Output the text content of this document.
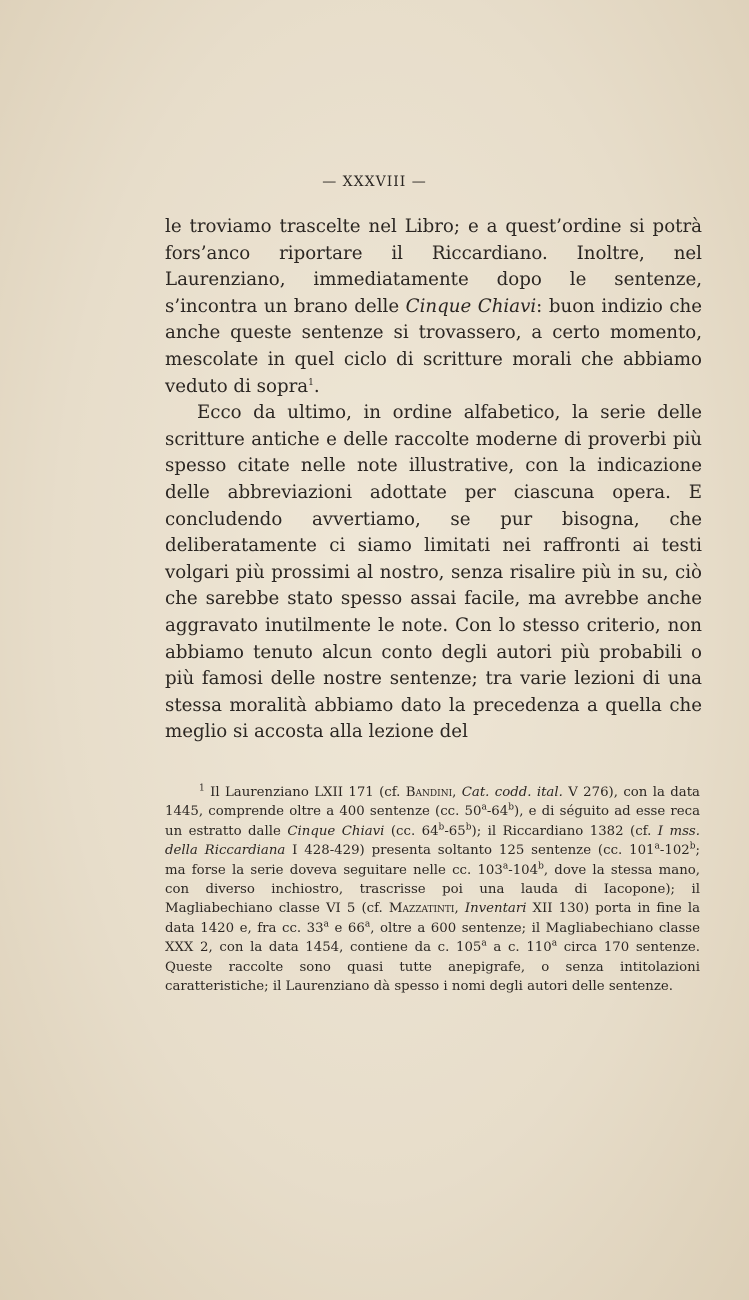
— XXXVIII —

le troviamo trascelte nel Libro; e a quest’ordine si potrà fors’anco riportare il Riccardiano. Inoltre, nel Laurenziano, immediatamente dopo le sentenze, s’incontra un brano delle Cinque Chiavi: buon indizio che anche queste sentenze si trovassero, a certo momento, mescolate in quel ciclo di scritture morali che abbiamo veduto di sopra$^1$.

Ecco da ultimo, in ordine alfabetico, la serie delle scritture antiche e delle raccolte moderne di proverbi più spesso citate nelle note illustrative, con la indicazione delle abbreviazioni adottate per ciascuna opera. E concludendo avvertiamo, se pur bisogna, che deliberatamente ci siamo limitati nei raffronti ai testi volgari più prossimi al nostro, senza risalire più in su, ciò che sarebbe stato spesso assai facile, ma avrebbe anche aggravato inutilmente le note. Con lo stesso criterio, non abbiamo tenuto alcun conto degli autori più probabili o più famosi delle nostre sentenze; tra varie lezioni di una stessa moralità abbiamo dato la precedenza a quella che meglio si accosta alla lezione del

$^1$ Il Laurenziano LXII 171 (cf. Bandini, Cat. codd. ital. V 276), con la data 1445, comprende oltre a 400 sentenze (cc. 50$^a$-64$^b$), e di séguito ad esse reca un estratto dalle Cinque Chiavi (cc. 64$^b$-65$^b$); il Riccardiano 1382 (cf. I mss. della Riccardiana I 428-429) presenta soltanto 125 sentenze (cc. 101$^a$-102$^b$; ma forse la serie doveva seguitare nelle cc. 103$^a$-104$^b$, dove la stessa mano, con diverso inchiostro, trascrisse poi una lauda di Iacopone); il Magliabechiano classe VI 5 (cf. Mazzatinti, Inventari XII 130) porta in fine la data 1420 e, fra cc. 33$^a$ e 66$^a$, oltre a 600 sentenze; il Magliabechiano classe XXX 2, con la data 1454, contiene da c. 105$^a$ a c. 110$^a$ circa 170 sentenze. Queste raccolte sono quasi tutte anepigrafe, o senza intitolazioni caratteristiche; il Laurenziano dà spesso i nomi degli autori delle sentenze.
